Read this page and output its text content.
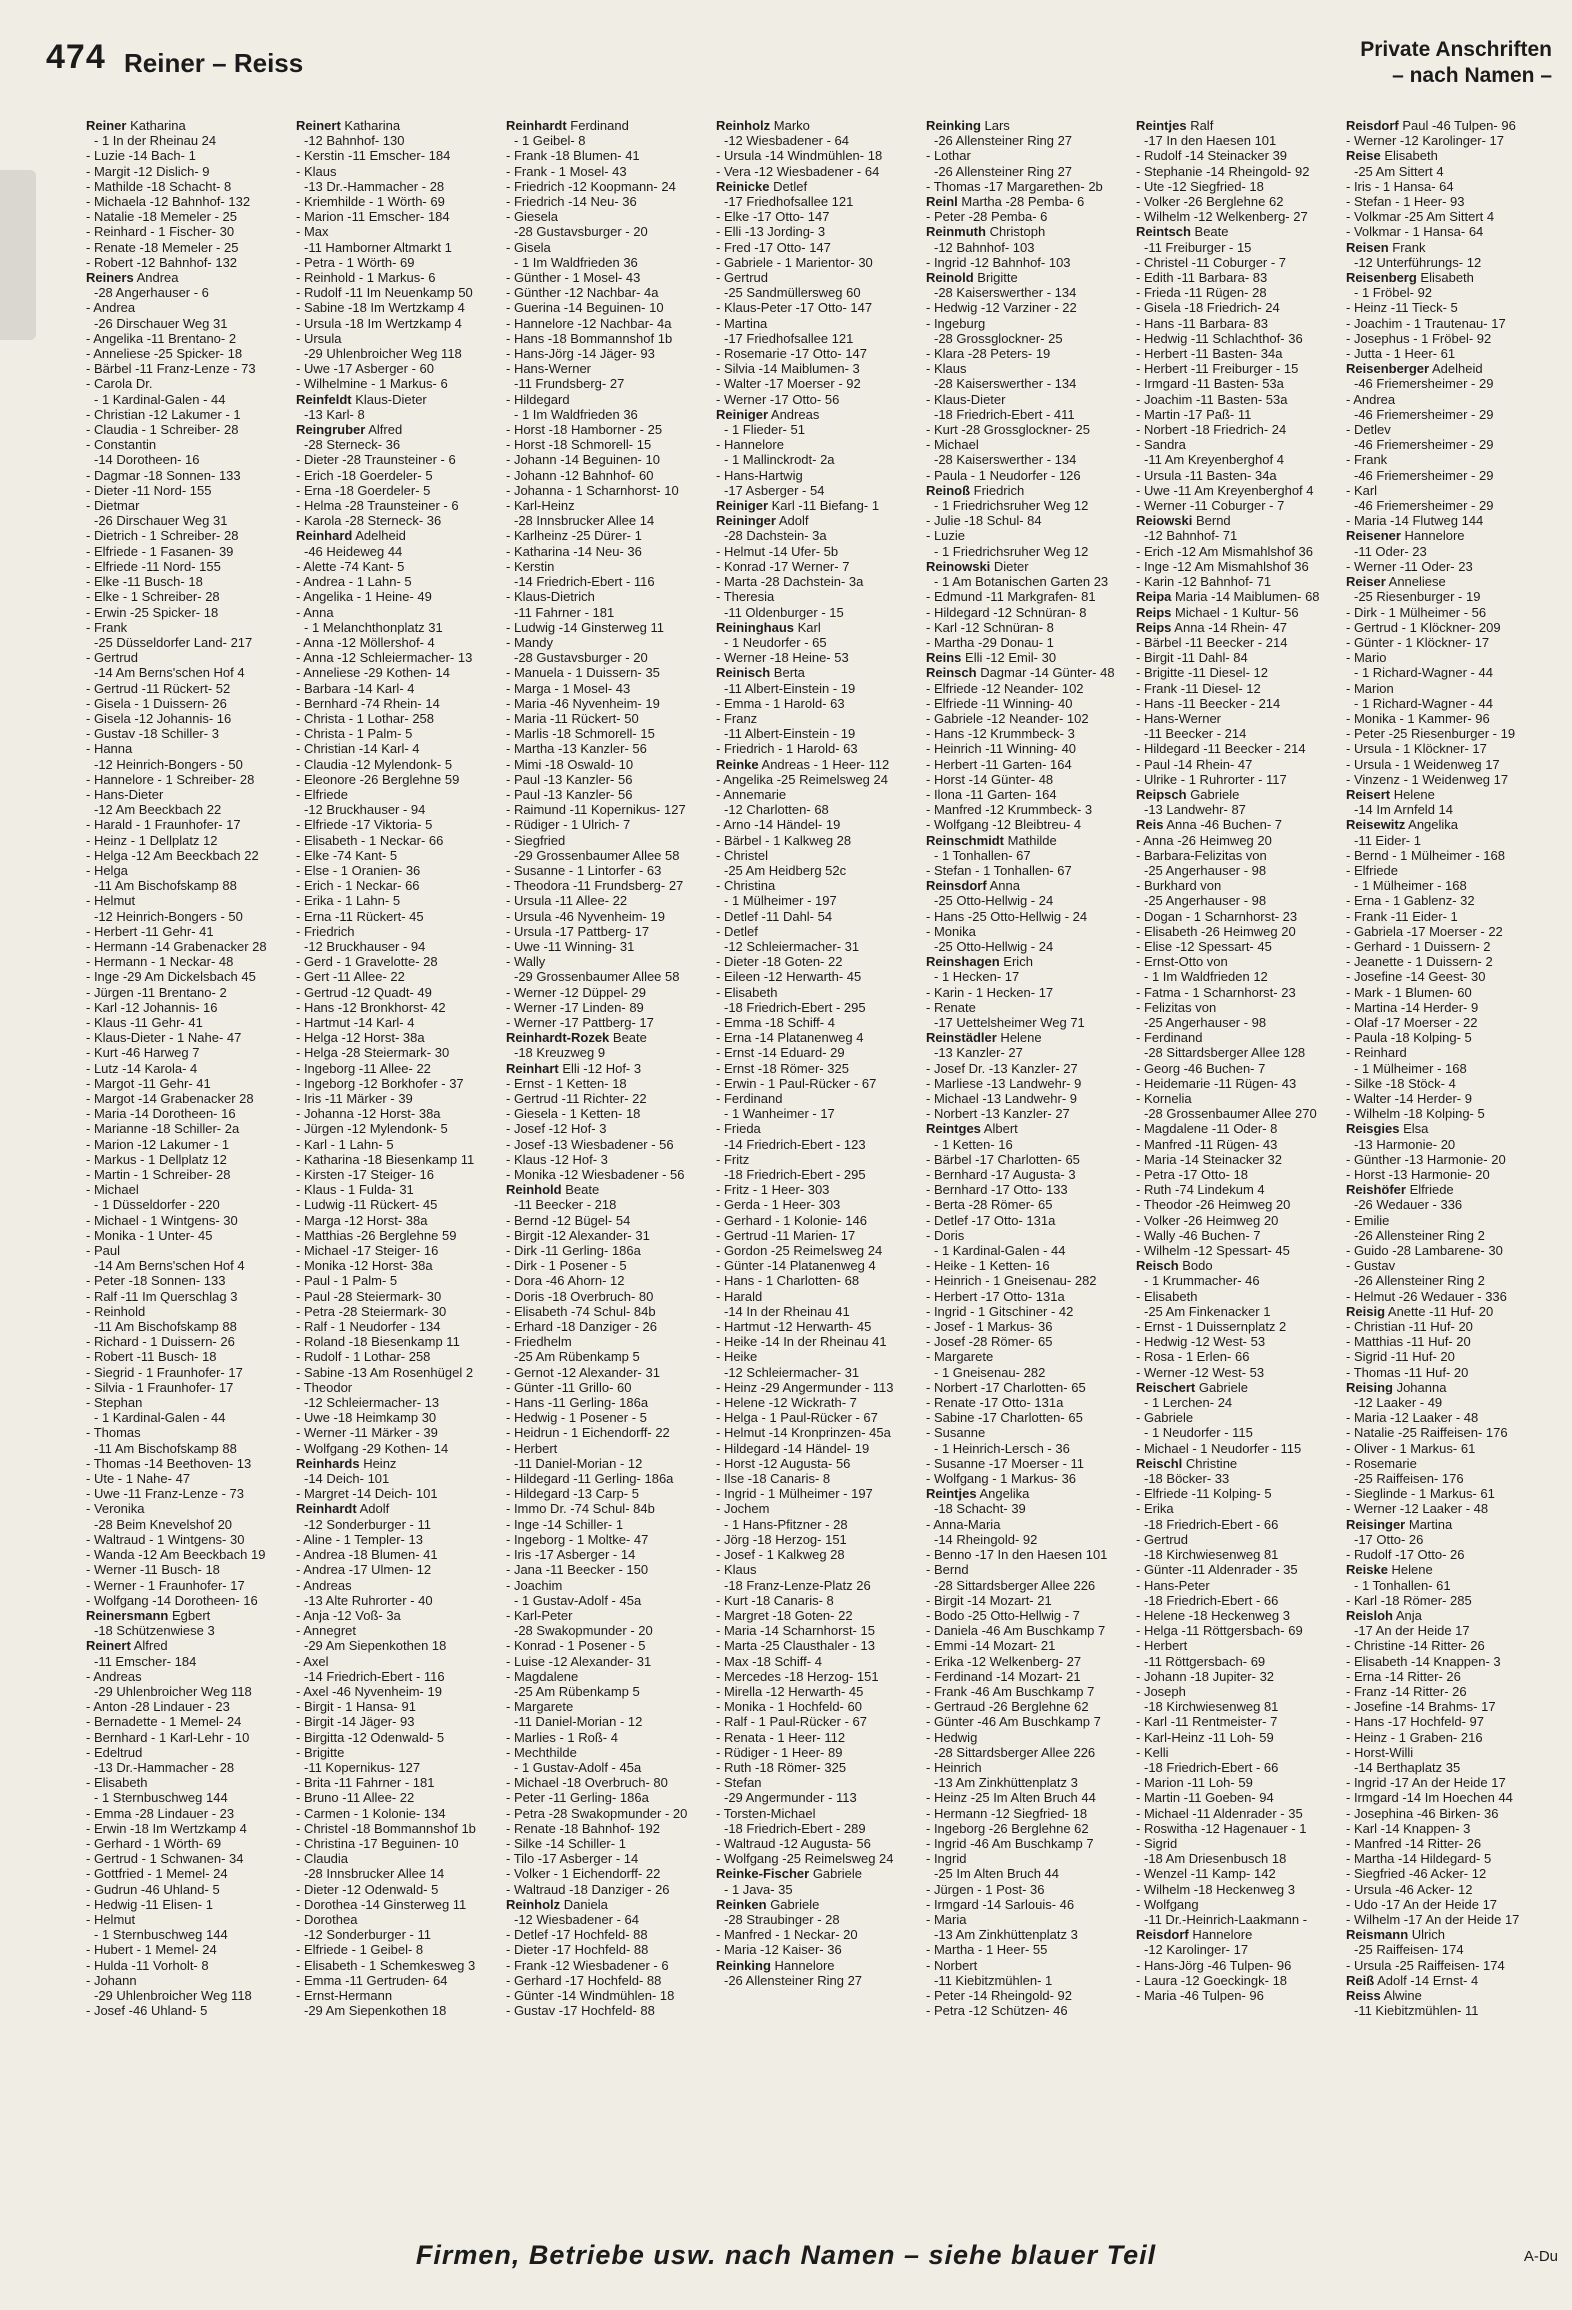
474 Reiner – Reiss	Private Anschriften
– nach Namen –
Reiner Katharina
- 1 In der Rheinau 24
- Luzie -14 Bach- 1
- Margit -12 Dislich- 9
- Mathilde -18 Schacht- 8
- Michaela -12 Bahnhof- 132
- Natalie -18 Memeler - 25
- Reinhard - 1 Fischer- 30
- Renate -18 Memeler - 25
- Robert -12 Bahnhof- 132
Reiners Andrea
-28 Angerhauser - 6
- Andrea
-26 Dirschauer Weg 31
- Angelika -11 Brentano- 2
- Anneliese -25 Spicker- 18
- Bärbel -11 Franz-Lenze - 73
- Carola Dr.
- 1 Kardinal-Galen - 44
- Christian -12 Lakumer - 1
- Claudia - 1 Schreiber- 28
- Constantin
-14 Dorotheen- 16
- Dagmar -18 Sonnen- 133
- Dieter -11 Nord- 155
- Dietmar
-26 Dirschauer Weg 31
- Dietrich - 1 Schreiber- 28
- Elfriede - 1 Fasanen- 39
- Elfriede -11 Nord- 155
- Elke -11 Busch- 18
- Elke - 1 Schreiber- 28
- Erwin -25 Spicker- 18
- Frank
-25 Düsseldorfer Land- 217
- Gertrud
-14 Am Berns'schen Hof 4
- Gertrud -11 Rückert- 52
- Gisela - 1 Duissern- 26
- Gisela -12 Johannis- 16
- Gustav -18 Schiller- 3
- Hanna
-12 Heinrich-Bongers - 50
- Hannelore - 1 Schreiber- 28
- Hans-Dieter
-12 Am Beeckbach 22
- Harald - 1 Fraunhofer- 17
- Heinz - 1 Dellplatz 12
- Helga -12 Am Beeckbach 22
- Helga
-11 Am Bischofskamp 88
- Helmut
-12 Heinrich-Bongers - 50
- Herbert -11 Gehr- 41
- Hermann -14 Grabenacker 28
- Hermann - 1 Neckar- 48
- Inge -29 Am Dickelsbach 45
- Jürgen -11 Brentano- 2
- Karl -12 Johannis- 16
- Klaus -11 Gehr- 41
- Klaus-Dieter - 1 Nahe- 47
- Kurt -46 Harweg 7
- Lutz -14 Karola- 4
- Margot -11 Gehr- 41
- Margot -14 Grabenacker 28
- Maria -14 Dorotheen- 16
- Marianne -18 Schiller- 2a
- Marion -12 Lakumer - 1
- Markus - 1 Dellplatz 12
- Martin - 1 Schreiber- 28
- Michael
- 1 Düsseldorfer - 220
- Michael - 1 Wintgens- 30
- Monika - 1 Unter- 45
- Paul
-14 Am Berns'schen Hof 4
- Peter -18 Sonnen- 133
- Ralf -11 Im Querschlag 3
- Reinhold
-11 Am Bischofskamp 88
- Richard - 1 Duissern- 26
- Robert -11 Busch- 18
- Siegrid - 1 Fraunhofer- 17
- Silvia - 1 Fraunhofer- 17
- Stephan
- 1 Kardinal-Galen - 44
- Thomas
-11 Am Bischofskamp 88
- Thomas -14 Beethoven- 13
- Ute - 1 Nahe- 47
- Uwe -11 Franz-Lenze - 73
- Veronika
-28 Beim Knevelshof 20
- Waltraud - 1 Wintgens- 30
- Wanda -12 Am Beeckbach 19
- Werner -11 Busch- 18
- Werner - 1 Fraunhofer- 17
- Wolfgang -14 Dorotheen- 16
Reinersmann Egbert
-18 Schützenwiese 3
Reinert Alfred
-11 Emscher- 184
- Andreas
-29 Uhlenbroicher Weg 118
- Anton -28 Lindauer - 23
- Bernadette - 1 Memel- 24
- Bernhard - 1 Karl-Lehr - 10
- Edeltrud
-13 Dr.-Hammacher - 28
- Elisabeth
- 1 Sternbuschweg 144
- Emma -28 Lindauer - 23
- Erwin -18 Im Wertzkamp 4
- Gerhard - 1 Wörth- 69
- Gertrud - 1 Schwanen- 34
- Gottfried - 1 Memel- 24
- Gudrun -46 Uhland- 5
- Hedwig -11 Elisen- 1
- Helmut
- 1 Sternbuschweg 144
- Hubert - 1 Memel- 24
- Hulda -11 Vorholt- 8
- Johann
-29 Uhlenbroicher Weg 118
- Josef -46 Uhland- 5
Reinert Katharina
-12 Bahnhof- 130
- Kerstin -11 Emscher- 184
- Klaus
-13 Dr.-Hammacher - 28
- Kriemhilde - 1 Wörth- 69
- Marion -11 Emscher- 184
- Max
-11 Hamborner Altmarkt 1
- Petra - 1 Wörth- 69
- Reinhold - 1 Markus- 6
- Rudolf -11 Im Neuenkamp 50
- Sabine -18 Im Wertzkamp 4
- Ursula -18 Im Wertzkamp 4
- Ursula
-29 Uhlenbroicher Weg 118
- Uwe -17 Asberger - 60
- Wilhelmine - 1 Markus- 6
Reinfeldt Klaus-Dieter
-13 Karl- 8
Reingruber Alfred
-28 Sterneck- 36
- Dieter -28 Traunsteiner - 6
- Erich -18 Goerdeler- 5
- Erna -18 Goerdeler- 5
- Helma -28 Traunsteiner - 6
- Karola -28 Sterneck- 36
Reinhard Adelheid
-46 Heideweg 44
- Alette -74 Kant- 5
- Andrea - 1 Lahn- 5
- Angelika - 1 Heine- 49
- Anna
- 1 Melanchthonplatz 31
- Anna -12 Möllershof- 4
- Anna -12 Schleiermacher- 13
- Anneliese -29 Kothen- 14
- Barbara -14 Karl- 4
- Bernhard -74 Rhein- 14
- Christa - 1 Lothar- 258
- Christa - 1 Palm- 5
- Christian -14 Karl- 4
- Claudia -12 Mylendonk- 5
- Eleonore -26 Berglehne 59
- Elfriede
-12 Bruckhauser - 94
- Elfriede -17 Viktoria- 5
- Elisabeth - 1 Neckar- 66
- Elke -74 Kant- 5
- Else - 1 Oranien- 36
- Erich - 1 Neckar- 66
- Erika - 1 Lahn- 5
- Erna -11 Rückert- 45
- Friedrich
-12 Bruckhauser - 94
- Gerd - 1 Gravelotte- 28
- Gert -11 Allee- 22
- Gertrud -12 Quadt- 49
- Hans -12 Bronkhorst- 42
- Hartmut -14 Karl- 4
- Helga -12 Horst- 38a
- Helga -28 Steiermark- 30
- Ingeborg -11 Allee- 22
- Ingeborg -12 Borkhofer - 37
- Iris -11 Märker - 39
- Johanna -12 Horst- 38a
- Jürgen -12 Mylendonk- 5
- Karl - 1 Lahn- 5
- Katharina -18 Biesenkamp 11
- Kirsten -17 Steiger- 16
- Klaus - 1 Fulda- 31
- Ludwig -11 Rückert- 45
- Marga -12 Horst- 38a
- Matthias -26 Berglehne 59
- Michael -17 Steiger- 16
- Monika -12 Horst- 38a
- Paul - 1 Palm- 5
- Paul -28 Steiermark- 30
- Petra -28 Steiermark- 30
- Ralf - 1 Neudorfer - 134
- Roland -18 Biesenkamp 11
- Rudolf - 1 Lothar- 258
- Sabine -13 Am Rosenhügel 2
- Theodor
-12 Schleiermacher- 13
- Uwe -18 Heimkamp 30
- Werner -11 Märker - 39
- Wolfgang -29 Kothen- 14
Reinhards Heinz
-14 Deich- 101
- Margret -14 Deich- 101
Reinhardt Adolf
-12 Sonderburger - 11
- Aline - 1 Templer- 13
- Andrea -18 Blumen- 41
- Andrea -17 Ulmen- 12
- Andreas
-13 Alte Ruhrorter - 40
- Anja -12 Voß- 3a
- Annegret
-29 Am Siepenkothen 18
- Axel
-14 Friedrich-Ebert - 116
- Axel -46 Nyvenheim- 19
- Birgit - 1 Hansa- 91
- Birgit -14 Jäger- 93
- Birgitta -12 Odenwald- 5
- Brigitte
-11 Kopernikus- 127
- Brita -11 Fahrner - 181
- Bruno -11 Allee- 22
- Carmen - 1 Kolonie- 134
- Christel -18 Bommannshof 1b
- Christina -17 Beguinen- 10
- Claudia
-28 Innsbrucker Allee 14
- Dieter -12 Odenwald- 5
- Dorothea -14 Ginsterweg 11
- Dorothea
-12 Sonderburger - 11
- Elfriede - 1 Geibel- 8
- Elisabeth - 1 Schemkesweg 3
- Emma -11 Gertruden- 64
- Ernst-Hermann
-29 Am Siepenkothen 18
Reinhardt Ferdinand
- 1 Geibel- 8
- Frank -18 Blumen- 41
- Frank - 1 Mosel- 43
- Friedrich -12 Koopmann- 24
- Friedrich -14 Neu- 36
- Giesela
-28 Gustavsburger - 20
- Gisela
- 1 Im Waldfrieden 36
- Günther - 1 Mosel- 43
- Günther -12 Nachbar- 4a
- Guerina -14 Beguinen- 10
- Hannelore -12 Nachbar- 4a
- Hans -18 Bommannshof 1b
- Hans-Jörg -14 Jäger- 93
- Hans-Werner
-11 Frundsberg- 27
- Hildegard
- 1 Im Waldfrieden 36
- Horst -18 Hamborner - 25
- Horst -18 Schmorell- 15
- Johann -14 Beguinen- 10
- Johann -12 Bahnhof- 60
- Johanna - 1 Scharnhorst- 10
- Karl-Heinz
-28 Innsbrucker Allee 14
- Karlheinz -25 Dürer- 1
- Katharina -14 Neu- 36
- Kerstin
-14 Friedrich-Ebert - 116
- Klaus-Dietrich
-11 Fahrner - 181
- Ludwig -14 Ginsterweg 11
- Mandy
-28 Gustavsburger - 20
- Manuela - 1 Duissern- 35
- Marga - 1 Mosel- 43
- Maria -46 Nyvenheim- 19
- Maria -11 Rückert- 50
- Marlis -18 Schmorell- 15
- Martha -13 Kanzler- 56
- Mimi -18 Oswald- 10
- Paul -13 Kanzler- 56
- Paul -13 Kanzler- 56
- Raimund -11 Kopernikus- 127
- Rüdiger - 1 Ulrich- 7
- Siegfried
-29 Grossenbaumer Allee 58
- Susanne - 1 Lintorfer - 63
- Theodora -11 Frundsberg- 27
- Ursula -11 Allee- 22
- Ursula -46 Nyvenheim- 19
- Ursula -17 Pattberg- 17
- Uwe -11 Winning- 31
- Wally
-29 Grossenbaumer Allee 58
- Werner -12 Düppel- 29
- Werner -17 Linden- 89
- Werner -17 Pattberg- 17
Reinhardt-Rozek Beate
-18 Kreuzweg 9
Reinhart Elli -12 Hof- 3
- Ernst - 1 Ketten- 18
- Gertrud -11 Richter- 22
- Giesela - 1 Ketten- 18
- Josef -12 Hof- 3
- Josef -13 Wiesbadener - 56
- Klaus -12 Hof- 3
- Monika -12 Wiesbadener - 56
Reinhold Beate
-11 Beecker - 218
- Bernd -12 Bügel- 54
- Birgit -12 Alexander- 31
- Dirk -11 Gerling- 186a
- Dirk - 1 Posener - 5
- Dora -46 Ahorn- 12
- Doris -18 Overbruch- 80
- Elisabeth -74 Schul- 84b
- Erhard -18 Danziger - 26
- Friedhelm
-25 Am Rübenkamp 5
- Gernot -12 Alexander- 31
- Günter -11 Grillo- 60
- Hans -11 Gerling- 186a
- Hedwig - 1 Posener - 5
- Heidrun - 1 Eichendorff- 22
- Herbert
-11 Daniel-Morian - 12
- Hildegard -11 Gerling- 186a
- Hildegard -13 Carp- 5
- Immo Dr. -74 Schul- 84b
- Inge -14 Schiller- 1
- Ingeborg - 1 Moltke- 47
- Iris -17 Asberger - 14
- Jana -11 Beecker - 150
- Joachim
- 1 Gustav-Adolf - 45a
- Karl-Peter
-28 Swakopmunder - 20
- Konrad - 1 Posener - 5
- Luise -12 Alexander- 31
- Magdalene
-25 Am Rübenkamp 5
- Margarete
-11 Daniel-Morian - 12
- Marlies - 1 Roß- 4
- Mechthilde
- 1 Gustav-Adolf - 45a
- Michael -18 Overbruch- 80
- Peter -11 Gerling- 186a
- Petra -28 Swakopmunder - 20
- Renate -18 Bahnhof- 192
- Silke -14 Schiller- 1
- Tilo -17 Asberger - 14
- Volker - 1 Eichendorff- 22
- Waltraud -18 Danziger - 26
Reinholz Daniela
-12 Wiesbadener - 64
- Detlef -17 Hochfeld- 88
- Dieter -17 Hochfeld- 88
- Frank -12 Wiesbadener - 6
- Gerhard -17 Hochfeld- 88
- Günter -14 Windmühlen- 18
- Gustav -17 Hochfeld- 88
Reinholz Marko
-12 Wiesbadener - 64
- Ursula -14 Windmühlen- 18
- Vera -12 Wiesbadener - 64
Reinicke Detlef
-17 Friedhofsallee 121
- Elke -17 Otto- 147
- Elli -13 Jording- 3
- Fred -17 Otto- 147
- Gabriele - 1 Marientor- 30
- Gertrud
-25 Sandmüllersweg 60
- Klaus-Peter -17 Otto- 147
- Martina
-17 Friedhofsallee 121
- Rosemarie -17 Otto- 147
- Silvia -14 Maiblumen- 3
- Walter -17 Moerser - 92
- Werner -17 Otto- 56
Reiniger Andreas
- 1 Flieder- 51
- Hannelore
- 1 Mallinckrodt- 2a
- Hans-Hartwig
-17 Asberger - 54
Reiniger Karl -11 Biefang- 1
Reininger Adolf
-28 Dachstein- 3a
- Helmut -14 Ufer- 5b
- Konrad -17 Werner- 7
- Marta -28 Dachstein- 3a
- Theresia
-11 Oldenburger - 15
Reininghaus Karl
- 1 Neudorfer - 65
- Werner -18 Heine- 53
Reinisch Berta
-11 Albert-Einstein - 19
- Emma - 1 Harold- 63
- Franz
-11 Albert-Einstein - 19
- Friedrich - 1 Harold- 63
Reinke Andreas - 1 Heer- 112
- Angelika -25 Reimelsweg 24
- Annemarie
-12 Charlotten- 68
- Arno -14 Händel- 19
- Bärbel - 1 Kalkweg 28
- Christel
-25 Am Heidberg 52c
- Christina
- 1 Mülheimer - 197
- Detlef -11 Dahl- 54
- Detlef
-12 Schleiermacher- 31
- Dieter -18 Goten- 22
- Eileen -12 Herwarth- 45
- Elisabeth
-18 Friedrich-Ebert - 295
- Emma -18 Schiff- 4
- Erna -14 Platanenweg 4
- Ernst -14 Eduard- 29
- Ernst -18 Römer- 325
- Erwin - 1 Paul-Rücker - 67
- Ferdinand
- 1 Wanheimer - 17
- Frieda
-14 Friedrich-Ebert - 123
- Fritz
-18 Friedrich-Ebert - 295
- Fritz - 1 Heer- 303
- Gerda - 1 Heer- 303
- Gerhard - 1 Kolonie- 146
- Gertrud -11 Marien- 17
- Gordon -25 Reimelsweg 24
- Günter -14 Platanenweg 4
- Hans - 1 Charlotten- 68
- Harald
-14 In der Rheinau 41
- Hartmut -12 Herwarth- 45
- Heike -14 In der Rheinau 41
- Heike
-12 Schleiermacher- 31
- Heinz -29 Angermunder - 113
- Helene -12 Wickrath- 7
- Helga - 1 Paul-Rücker - 67
- Helmut -14 Kronprinzen- 45a
- Hildegard -14 Händel- 19
- Horst -12 Augusta- 56
- Ilse -18 Canaris- 8
- Ingrid - 1 Mülheimer - 197
- Jochem
- 1 Hans-Pfitzner - 28
- Jörg -18 Herzog- 151
- Josef - 1 Kalkweg 28
- Klaus
-18 Franz-Lenze-Platz 26
- Kurt -18 Canaris- 8
- Margret -18 Goten- 22
- Maria -14 Scharnhorst- 15
- Marta -25 Clausthaler - 13
- Max -18 Schiff- 4
- Mercedes -18 Herzog- 151
- Mirella -12 Herwarth- 45
- Monika - 1 Hochfeld- 60
- Ralf - 1 Paul-Rücker - 67
- Renata - 1 Heer- 112
- Rüdiger - 1 Heer- 89
- Ruth -18 Römer- 325
- Stefan
-29 Angermunder - 113
- Torsten-Michael
-18 Friedrich-Ebert - 289
- Waltraud -12 Augusta- 56
- Wolfgang -25 Reimelsweg 24
Reinke-Fischer Gabriele
- 1 Java- 35
Reinken Gabriele
-28 Straubinger - 28
- Manfred - 1 Neckar- 20
- Maria -12 Kaiser- 36
Reinking Hannelore
-26 Allensteiner Ring 27
Reinking Lars
-26 Allensteiner Ring 27
- Lothar
-26 Allensteiner Ring 27
- Thomas -17 Margarethen- 2b
Reinl Martha -28 Pemba- 6
- Peter -28 Pemba- 6
Reinmuth Christoph
-12 Bahnhof- 103
- Ingrid -12 Bahnhof- 103
Reinold Brigitte
-28 Kaiserswerther - 134
- Hedwig -12 Varziner - 22
- Ingeburg
-28 Grossglockner- 25
- Klara -28 Peters- 19
- Klaus
-28 Kaiserswerther - 134
- Klaus-Dieter
-18 Friedrich-Ebert - 411
- Kurt -28 Grossglockner- 25
- Michael
-28 Kaiserswerther - 134
- Paula - 1 Neudorfer - 126
Reinoß Friedrich
- 1 Friedrichsruher Weg 12
- Julie -18 Schul- 84
- Luzie
- 1 Friedrichsruher Weg 12
Reinowski Dieter
- 1 Am Botanischen Garten 23
- Edmund -11 Markgrafen- 81
- Hildegard -12 Schnüran- 8
- Karl -12 Schnüran- 8
- Martha -29 Donau- 1
Reins Elli -12 Emil- 30
Reinsch Dagmar -14 Günter- 48
- Elfriede -12 Neander- 102
- Elfriede -11 Winning- 40
- Gabriele -12 Neander- 102
- Hans -12 Krummbeck- 3
- Heinrich -11 Winning- 40
- Herbert -11 Garten- 164
- Horst -14 Günter- 48
- Ilona -11 Garten- 164
- Manfred -12 Krummbeck- 3
- Wolfgang -12 Bleibtreu- 4
Reinschmidt Mathilde
- 1 Tonhallen- 67
- Stefan - 1 Tonhallen- 67
Reinsdorf Anna
-25 Otto-Hellwig - 24
- Hans -25 Otto-Hellwig - 24
- Monika
-25 Otto-Hellwig - 24
Reinshagen Erich
- 1 Hecken- 17
- Karin - 1 Hecken- 17
- Renate
-17 Uettelsheimer Weg 71
Reinstädler Helene
-13 Kanzler- 27
- Josef Dr. -13 Kanzler- 27
- Marliese -13 Landwehr- 9
- Michael -13 Landwehr- 9
- Norbert -13 Kanzler- 27
Reintges Albert
- 1 Ketten- 16
- Bärbel -17 Charlotten- 65
- Bernhard -17 Augusta- 3
- Bernhard -17 Otto- 133
- Berta -28 Römer- 65
- Detlef -17 Otto- 131a
- Doris
- 1 Kardinal-Galen - 44
- Heike - 1 Ketten- 16
- Heinrich - 1 Gneisenau- 282
- Herbert -17 Otto- 131a
- Ingrid - 1 Gitschiner - 42
- Josef - 1 Markus- 36
- Josef -28 Römer- 65
- Margarete
- 1 Gneisenau- 282
- Norbert -17 Charlotten- 65
- Renate -17 Otto- 131a
- Sabine -17 Charlotten- 65
- Susanne
- 1 Heinrich-Lersch - 36
- Susanne -17 Moerser - 11
- Wolfgang - 1 Markus- 36
Reintjes Angelika
-18 Schacht- 39
- Anna-Maria
-14 Rheingold- 92
- Benno -17 In den Haesen 101
- Bernd
-28 Sittardsberger Allee 226
- Birgit -14 Mozart- 21
- Bodo -25 Otto-Hellwig - 7
- Daniela -46 Am Buschkamp 7
- Emmi -14 Mozart- 21
- Erika -12 Welkenberg- 27
- Ferdinand -14 Mozart- 21
- Frank -46 Am Buschkamp 7
- Gertraud -26 Berglehne 62
- Günter -46 Am Buschkamp 7
- Hedwig
-28 Sittardsberger Allee 226
- Heinrich
-13 Am Zinkhüttenplatz 3
- Heinz -25 Im Alten Bruch 44
- Hermann -12 Siegfried- 18
- Ingeborg -26 Berglehne 62
- Ingrid -46 Am Buschkamp 7
- Ingrid
-25 Im Alten Bruch 44
- Jürgen - 1 Post- 36
- Irmgard -14 Sarlouis- 46
- Maria
-13 Am Zinkhüttenplatz 3
- Martha - 1 Heer- 55
- Norbert
-11 Kiebitzmühlen- 1
- Peter -14 Rheingold- 92
- Petra -12 Schützen- 46
Reintjes Ralf
-17 In den Haesen 101
- Rudolf -14 Steinacker 39
- Stephanie -14 Rheingold- 92
- Ute -12 Siegfried- 18
- Volker -26 Berglehne 62
- Wilhelm -12 Welkenberg- 27
Reintsch Beate
-11 Freiburger - 15
- Christel -11 Coburger - 7
- Edith -11 Barbara- 83
- Frieda -11 Rügen- 28
- Gisela -18 Friedrich- 24
- Hans -11 Barbara- 83
- Hedwig -11 Schlachthof- 36
- Herbert -11 Basten- 34a
- Herbert -11 Freiburger - 15
- Irmgard -11 Basten- 53a
- Joachim -11 Basten- 53a
- Martin -17 Paß- 11
- Norbert -18 Friedrich- 24
- Sandra
-11 Am Kreyenberghof 4
- Ursula -11 Basten- 34a
- Uwe -11 Am Kreyenberghof 4
- Werner -11 Coburger - 7
Reiowski Bernd
-12 Bahnhof- 71
- Erich -12 Am Mismahlshof 36
- Inge -12 Am Mismahlshof 36
- Karin -12 Bahnhof- 71
Reipa Maria -14 Maiblumen- 68
Reips Michael - 1 Kultur- 56
Reips Anna -14 Rhein- 47
- Bärbel -11 Beecker - 214
- Birgit -11 Dahl- 84
- Brigitte -11 Diesel- 12
- Frank -11 Diesel- 12
- Hans -11 Beecker - 214
- Hans-Werner
-11 Beecker - 214
- Hildegard -11 Beecker - 214
- Paul -14 Rhein- 47
- Ulrike - 1 Ruhrorter - 117
Reipsch Gabriele
-13 Landwehr- 87
Reis Anna -46 Buchen- 7
- Anna -26 Heimweg 20
- Barbara-Felizitas von
-25 Angerhauser - 98
- Burkhard von
-25 Angerhauser - 98
- Dogan - 1 Scharnhorst- 23
- Elisabeth -26 Heimweg 20
- Elise -12 Spessart- 45
- Ernst-Otto von
- 1 Im Waldfrieden 12
- Fatma - 1 Scharnhorst- 23
- Felizitas von
-25 Angerhauser - 98
- Ferdinand
-28 Sittardsberger Allee 128
- Georg -46 Buchen- 7
- Heidemarie -11 Rügen- 43
- Kornelia
-28 Grossenbaumer Allee 270
- Magdalene -11 Oder- 8
- Manfred -11 Rügen- 43
- Maria -14 Steinacker 32
- Petra -17 Otto- 18
- Ruth -74 Lindekum 4
- Theodor -26 Heimweg 20
- Volker -26 Heimweg 20
- Wally -46 Buchen- 7
- Wilhelm -12 Spessart- 45
Reisch Bodo
- 1 Krummacher- 46
- Elisabeth
-25 Am Finkenacker 1
- Ernst - 1 Duissernplatz 2
- Hedwig -12 West- 53
- Rosa - 1 Erlen- 66
- Werner -12 West- 53
Reischert Gabriele
- 1 Lerchen- 24
- Gabriele
- 1 Neudorfer - 115
- Michael - 1 Neudorfer - 115
Reischl Christine
-18 Böcker- 33
- Elfriede -11 Kolping- 5
- Erika
-18 Friedrich-Ebert - 66
- Gertrud
-18 Kirchwiesenweg 81
- Günter -11 Aldenrader - 35
- Hans-Peter
-18 Friedrich-Ebert - 66
- Helene -18 Heckenweg 3
- Helga -11 Röttgersbach- 69
- Herbert
-11 Röttgersbach- 69
- Johann -18 Jupiter- 32
- Joseph
-18 Kirchwiesenweg 81
- Karl -11 Rentmeister- 7
- Karl-Heinz -11 Loh- 59
- Kelli
-18 Friedrich-Ebert - 66
- Marion -11 Loh- 59
- Martin -11 Goeben- 94
- Michael -11 Aldenrader - 35
- Roswitha -12 Hagenauer - 1
- Sigrid
-18 Am Driesenbusch 18
- Wenzel -11 Kamp- 142
- Wilhelm -18 Heckenweg 3
- Wolfgang
-11 Dr.-Heinrich-Laakmann -
Reisdorf Hannelore
-12 Karolinger- 17
- Hans-Jörg -46 Tulpen- 96
- Laura -12 Goeckingk- 18
- Maria -46 Tulpen- 96
Reisdorf Paul -46 Tulpen- 96
- Werner -12 Karolinger- 17
Reise Elisabeth
-25 Am Sittert 4
- Iris - 1 Hansa- 64
- Stefan - 1 Heer- 93
- Volkmar -25 Am Sittert 4
- Volkmar - 1 Hansa- 64
Reisen Frank
-12 Unterführungs- 12
Reisenberg Elisabeth
- 1 Fröbel- 92
- Heinz -11 Tieck- 5
- Joachim - 1 Trautenau- 17
- Josephus - 1 Fröbel- 92
- Jutta - 1 Heer- 61
Reisenberger Adelheid
-46 Friemersheimer - 29
- Andrea
-46 Friemersheimer - 29
- Detlev
-46 Friemersheimer - 29
- Frank
-46 Friemersheimer - 29
- Karl
-46 Friemersheimer - 29
- Maria -14 Flutweg 144
Reisener Hannelore
-11 Oder- 23
- Werner -11 Oder- 23
Reiser Anneliese
-25 Riesenburger - 19
- Dirk - 1 Mülheimer - 56
- Gertrud - 1 Klöckner- 209
- Günter - 1 Klöckner- 17
- Mario
- 1 Richard-Wagner - 44
- Marion
- 1 Richard-Wagner - 44
- Monika - 1 Kammer- 96
- Peter -25 Riesenburger - 19
- Ursula - 1 Klöckner- 17
- Ursula - 1 Weidenweg 17
- Vinzenz - 1 Weidenweg 17
Reisert Helene
-14 Im Arnfeld 14
Reisewitz Angelika
-11 Eider- 1
- Bernd - 1 Mülheimer - 168
- Elfriede
- 1 Mülheimer - 168
- Erna - 1 Gablenz- 32
- Frank -11 Eider- 1
- Gabriela -17 Moerser - 22
- Gerhard - 1 Duissern- 2
- Jeanette - 1 Duissern- 2
- Josefine -14 Geest- 30
- Mark - 1 Blumen- 60
- Martina -14 Herder- 9
- Olaf -17 Moerser - 22
- Paula -18 Kolping- 5
- Reinhard
- 1 Mülheimer - 168
- Silke -18 Stöck- 4
- Walter -14 Herder- 9
- Wilhelm -18 Kolping- 5
Reisgies Elsa
-13 Harmonie- 20
- Günther -13 Harmonie- 20
- Horst -13 Harmonie- 20
Reishöfer Elfriede
-26 Wedauer - 336
- Emilie
-26 Allensteiner Ring 2
- Guido -28 Lambarene- 30
- Gustav
-26 Allensteiner Ring 2
- Helmut -26 Wedauer - 336
Reisig Anette -11 Huf- 20
- Christian -11 Huf- 20
- Matthias -11 Huf- 20
- Sigrid -11 Huf- 20
- Thomas -11 Huf- 20
Reising Johanna
-12 Laaker - 49
- Maria -12 Laaker - 48
- Natalie -25 Raiffeisen- 176
- Oliver - 1 Markus- 61
- Rosemarie
-25 Raiffeisen- 176
- Sieglinde - 1 Markus- 61
- Werner -12 Laaker - 48
Reisinger Martina
-17 Otto- 26
- Rudolf -17 Otto- 26
Reiske Helene
- 1 Tonhallen- 61
- Karl -18 Römer- 285
Reisloh Anja
-17 An der Heide 17
- Christine -14 Ritter- 26
- Elisabeth -14 Knappen- 3
- Erna -14 Ritter- 26
- Franz -14 Ritter- 26
- Josefine -14 Brahms- 17
- Hans -17 Hochfeld- 97
- Heinz - 1 Graben- 216
- Horst-Willi
-14 Berthaplatz 35
- Ingrid -17 An der Heide 17
- Irmgard -14 Im Hoechen 44
- Josephina -46 Birken- 36
- Karl -14 Knappen- 3
- Manfred -14 Ritter- 26
- Martha -14 Hildegard- 5
- Siegfried -46 Acker- 12
- Ursula -46 Acker- 12
- Udo -17 An der Heide 17
- Wilhelm -17 An der Heide 17
Reismann Ulrich
-25 Raiffeisen- 174
- Ursula -25 Raiffeisen- 174
Reiß Adolf -14 Ernst- 4
Reiss Alwine
-11 Kiebitzmühlen- 11
Firmen, Betriebe usw. nach Namen – siehe blauer Teil	A-Du
